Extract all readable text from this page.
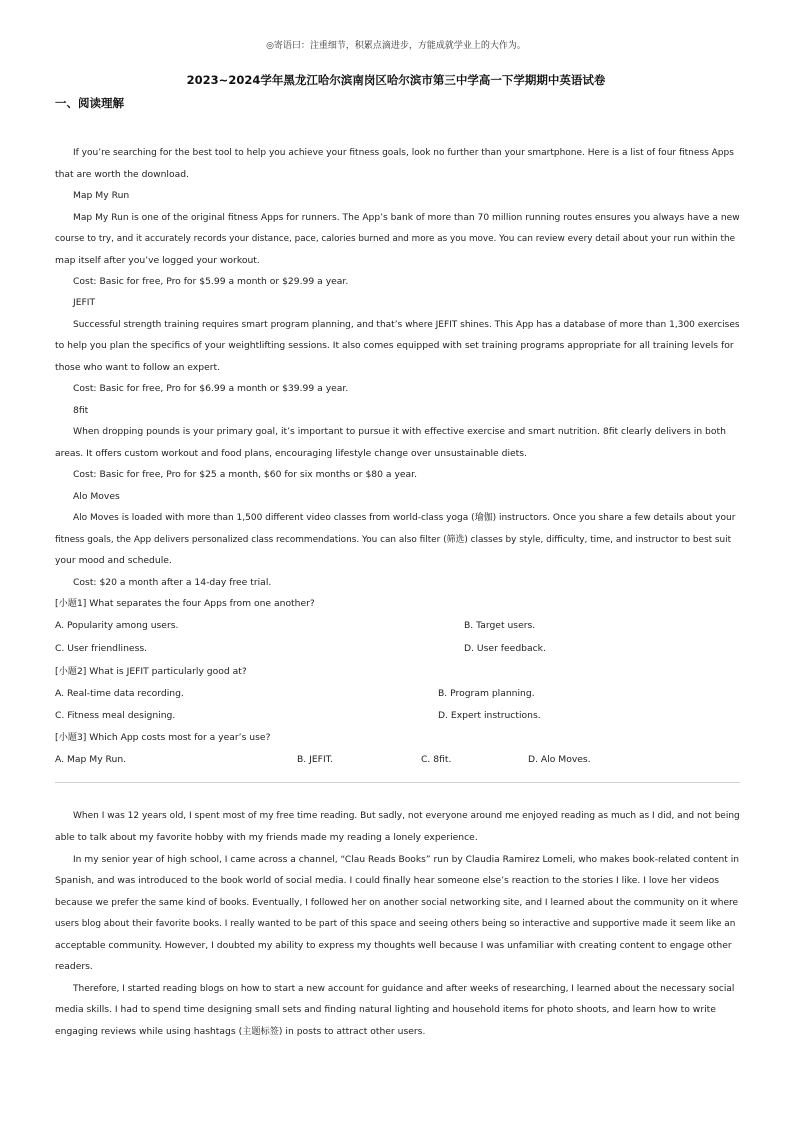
◎寄语曰：注重细节，积累点滴进步，方能成就学业上的大作为。
2023~2024学年黑龙江哈尔滨南岗区哈尔滨市第三中学高一下学期期中英语试卷
一、阅读理解
If you’re searching for the best tool to help you achieve your fitness goals, look no further than your smartphone. Here is a list of four fitness Apps
that are worth the download.
Map My Run
Map My Run is one of the original fitness Apps for runners. The App’s bank of more than 70 million running routes ensures you always have a new
course to try, and it accurately records your distance, pace, calories burned and more as you move. You can review every detail about your run within the
map itself after you’ve logged your workout.
Cost: Basic for free, Pro for $5.99 a month or $29.99 a year.
JEFIT
Successful strength training requires smart program planning, and that’s where JEFIT shines. This App has a database of more than 1,300 exercises
to help you plan the specifics of your weightlifting sessions. It also comes equipped with set training programs appropriate for all training levels for
those who want to follow an expert.
Cost: Basic for free, Pro for $6.99 a month or $39.99 a year.
8fit
When dropping pounds is your primary goal, it’s important to pursue it with effective exercise and smart nutrition. 8fit clearly delivers in both
areas. It offers custom workout and food plans, encouraging lifestyle change over unsustainable diets.
Cost: Basic for free, Pro for $25 a month, $60 for six months or $80 a year.
Alo Moves
Alo Moves is loaded with more than 1,500 different video classes from world-class yoga (瑜伽) instructors. Once you share a few details about your
fitness goals, the App delivers personalized class recommendations. You can also filter (筛选) classes by style, difficulty, time, and instructor to best suit
your mood and schedule.
Cost: $20 a month after a 14-day free trial.
[小题1] What separates the four Apps from one another?
A. Popularity among users.	B. Target users.
C. User friendliness.	D. User feedback.
[小题2] What is JEFIT particularly good at?
A. Real-time data recording.	B. Program planning.
C. Fitness meal designing.	D. Expert instructions.
[小题3] Which App costs most for a year’s use?
A. Map My Run.	B. JEFIT.	C. 8fit.	D. Alo Moves.
When I was 12 years old, I spent most of my free time reading. But sadly, not everyone around me enjoyed reading as much as I did, and not being
able to talk about my favorite hobby with my friends made my reading a lonely experience.
In my senior year of high school, I came across a channel, “Clau Reads Books” run by Claudia Ramirez Lomeli, who makes book-related content in
Spanish, and was introduced to the book world of social media. I could finally hear someone else’s reaction to the stories I like. I love her videos
because we prefer the same kind of books. Eventually, I followed her on another social networking site, and I learned about the community on it where
users blog about their favorite books. I really wanted to be part of this space and seeing others being so interactive and supportive made it seem like an
acceptable community. However, I doubted my ability to express my thoughts well because I was unfamiliar with creating content to engage other
readers.
Therefore, I started reading blogs on how to start a new account for guidance and after weeks of researching, I learned about the necessary social
media skills. I had to spend time designing small sets and finding natural lighting and household items for photo shoots, and learn how to write
engaging reviews while using hashtags (主题标签) in posts to attract other users.
